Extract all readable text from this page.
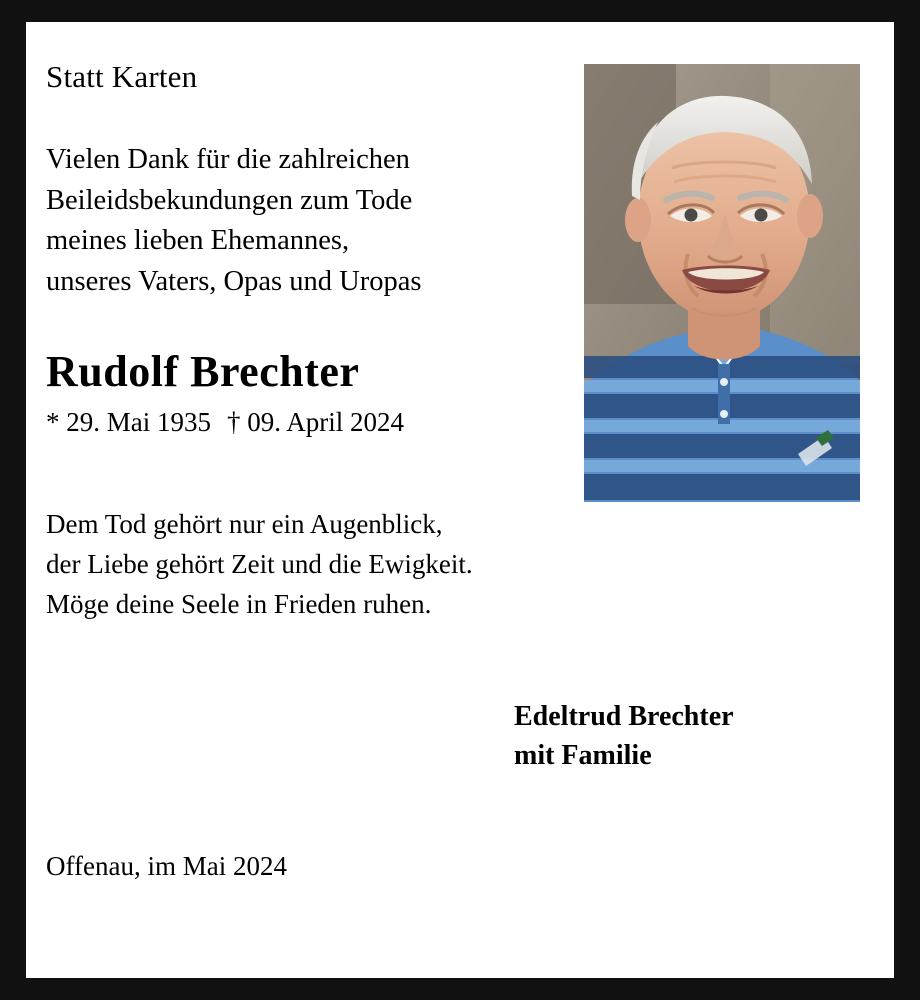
Statt Karten
Vielen Dank für die zahlreichen
Beileidsbekundungen zum Tode
meines lieben Ehemannes,
unseres Vaters, Opas und Uropas
Rudolf Brechter
* 29. Mai 1935 † 09. April 2024
Dem Tod gehört nur ein Augenblick,
der Liebe gehört Zeit und die Ewigkeit.
Möge deine Seele in Frieden ruhen.
Edeltrud Brechter
mit Familie
Offenau, im Mai 2024
